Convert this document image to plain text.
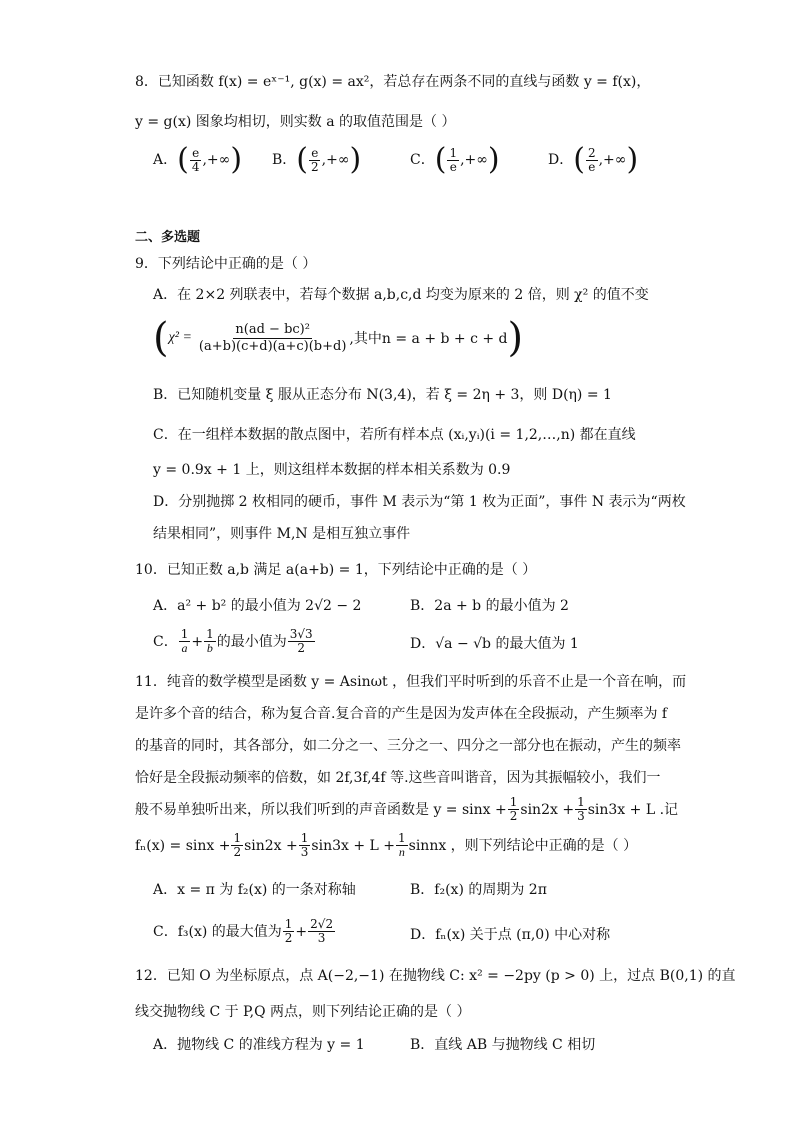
8．已知函数 f(x) = eˣ⁻¹, g(x) = ax²，若总存在两条不同的直线与函数 y = f(x)，
y = g(x) 图象均相切，则实数 a 的取值范围是（ ）
A． ( $\frac{e}{4}$ ,+∞ ) B． ( $\frac{e}{2}$ ,+∞ )	C． ( $\frac{1}{e}$ ,+∞ )	D． ( $\frac{2}{e}$ ,+∞ )
二、多选题
9．下列结论中正确的是（ ）
A．在 2×2 列联表中，若每个数据 a,b,c,d 均变为原来的 2 倍，则 χ² 的值不变
( $\chi^2 = \frac{\text{n(ad − bc)²}}{(a+b)(c+d)(a+c)(b+d)}$ ,其中n = a + b + c + d )
B．已知随机变量 ξ 服从正态分布 N(3,4)，若 ξ = 2η + 3，则 D(η) = 1
C．在一组样本数据的散点图中，若所有样本点 (xᵢ,yᵢ)(i = 1,2,…,n) 都在直线
y = 0.9x + 1 上，则这组样本数据的样本相关系数为 0.9
D．分别抛掷 2 枚相同的硬币，事件 M 表示为“第 1 枚为正面”，事件 N 表示为“两枚
结果相同”，则事件 M,N 是相互独立事件
10．已知正数 a,b 满足 a(a+b) = 1，下列结论中正确的是（ ）
A．a² + b² 的最小值为 2√2 − 2	B．2a + b 的最小值为 2
C． $\frac{1}{a} + \frac{1}{b}$ 的最小值为 $\frac{3√3}{2}$	D．√a − √b 的最大值为 1
11．纯音的数学模型是函数 y = Asinωt ，但我们平时听到的乐音不止是一个音在响，而
是许多个音的结合，称为复合音.复合音的产生是因为发声体在全段振动，产生频率为 f
的基音的同时，其各部分，如二分之一、三分之一、四分之一部分也在振动，产生的频率
恰好是全段振动频率的倍数，如 2f,3f,4f 等.这些音叫谐音，因为其振幅较小，我们一
般不易单独听出来，所以我们听到的声音函数是 $y = \sin x + \frac{1}{2} \sin 2x + \frac{1}{3} \sin 3x + L$ .记
$f_n(x) = \sin x + \frac{1}{2} \sin 2x + \frac{1}{3} \sin 3x + L + \frac{1}{n}$ sinnx ，则下列结论中正确的是（ ）
A．x = π 为 f₂(x) 的一条对称轴	B．f₂(x) 的周期为 2π
C．f₃(x) 的最大值为 $\frac{1}{2} + \frac{2√2}{3}$	D．fₙ(x) 关于点 (π,0) 中心对称
12．已知 O 为坐标原点，点 A(−2,−1) 在抛物线 C: x² = −2py (p > 0) 上，过点 B(0,1) 的直
线交抛物线 C 于 P,Q 两点，则下列结论正确的是（ ）
A．抛物线 C 的准线方程为 y = 1	B．直线 AB 与抛物线 C 相切
